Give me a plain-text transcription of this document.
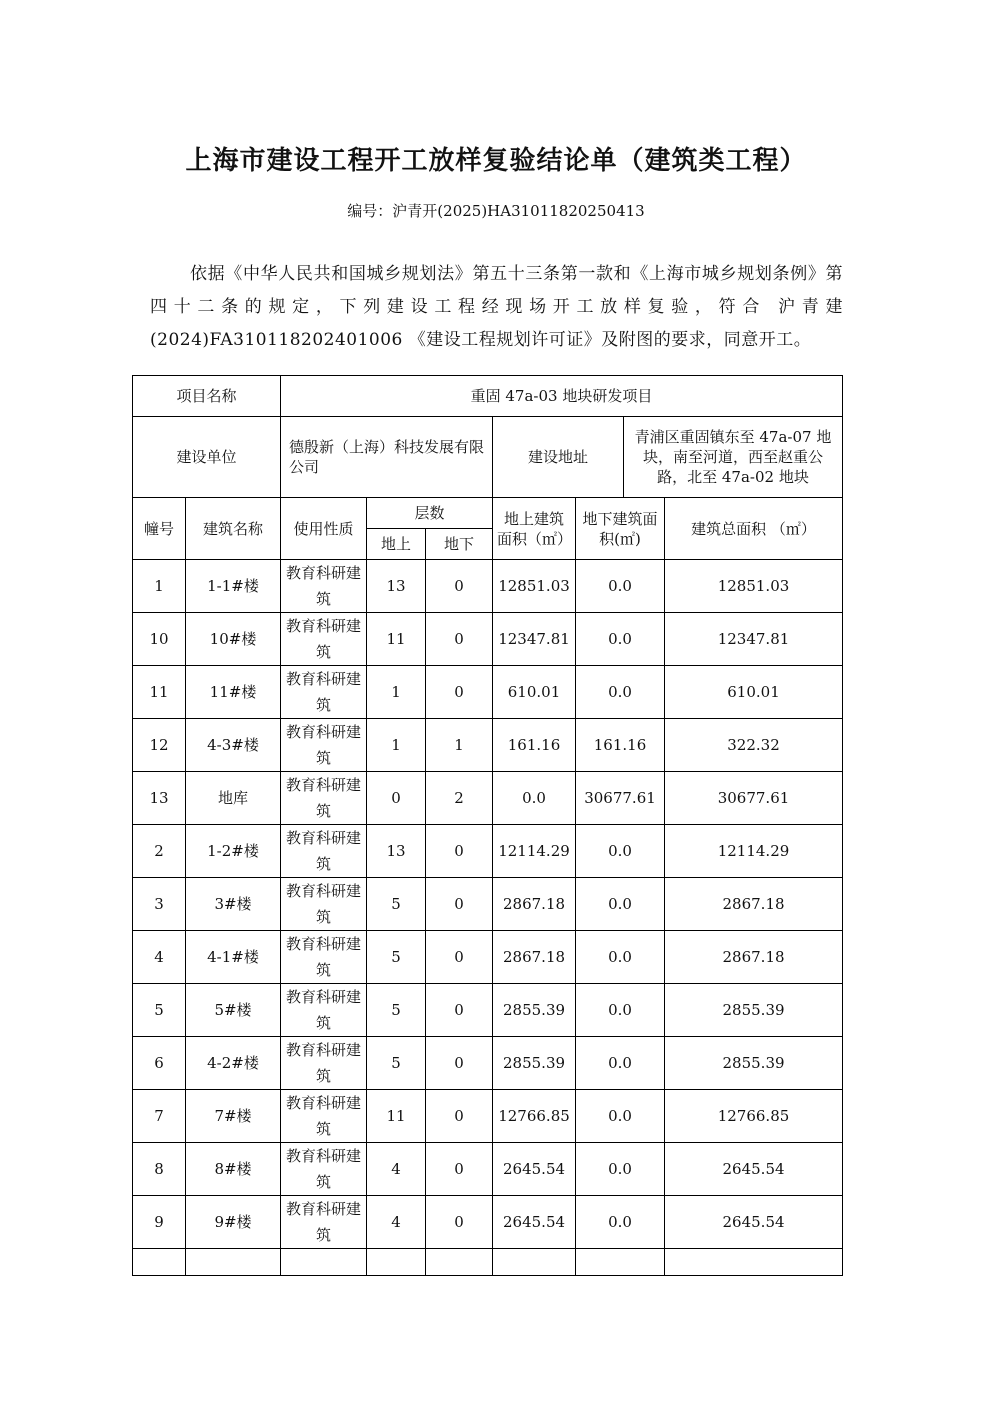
上海市建设工程开工放样复验结论单（建筑类工程）
编号：沪青开(2025)HA31011820250413
依据《中华人民共和国城乡规划法》第五十三条第一款和《上海市城乡规划条例》第四十二条的规定，下列建设工程经现场开工放样复验，符合 沪青建(2024)FA310118202401006 《建设工程规划许可证》及附图的要求，同意开工。
项目名称	重固 47a-03 地块研发项目		
建设单位	德殷新（上海）科技发展有限公司	建设地址	青浦区重固镇东至 47a-07 地块，南至河道，西至赵重公路，北至 47a-02 地块
幢号	建筑名称	使用性质	层数		地上建筑面积（㎡）	地下建筑面积(㎡)	建筑总面积 （㎡）
			地上	地下			
1	1-1#楼	教育科研建筑	13	0	12851.03	0.0	12851.03
10	10#楼	教育科研建筑	11	0	12347.81	0.0	12347.81
11	11#楼	教育科研建筑	1	0	610.01	0.0	610.01
12	4-3#楼	教育科研建筑	1	1	161.16	161.16	322.32
13	地库	教育科研建筑	0	2	0.0	30677.61	30677.61
2	1-2#楼	教育科研建筑	13	0	12114.29	0.0	12114.29
3	3#楼	教育科研建筑	5	0	2867.18	0.0	2867.18
4	4-1#楼	教育科研建筑	5	0	2867.18	0.0	2867.18
5	5#楼	教育科研建筑	5	0	2855.39	0.0	2855.39
6	4-2#楼	教育科研建筑	5	0	2855.39	0.0	2855.39
7	7#楼	教育科研建筑	11	0	12766.85	0.0	12766.85
8	8#楼	教育科研建筑	4	0	2645.54	0.0	2645.54
9	9#楼	教育科研建筑	4	0	2645.54	0.0	2645.54
